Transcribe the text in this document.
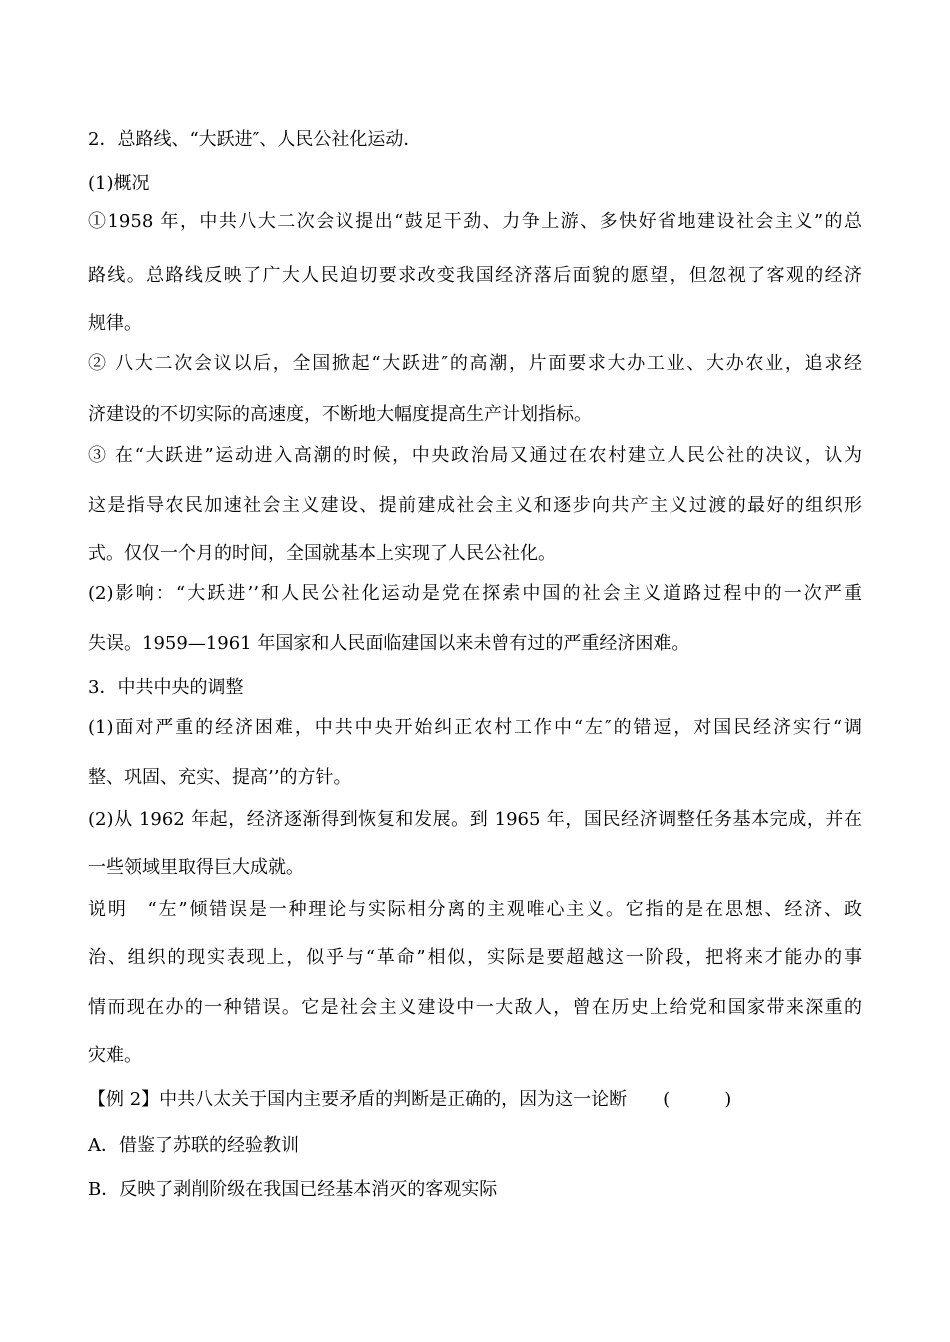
2．总路线、“大跃进″、人民公社化运动．
(1)概况
①1958 年，中共八大二次会议提出“鼓足干劲、力争上游、多快好省地建设社会主义”的总
路线。总路线反映了广大人民迫切要求改变我国经济落后面貌的愿望，但忽视了客观的经济
规律。
② 八大二次会议以后，全国掀起“大跃进″的高潮，片面要求大办工业、大办农业，追求经
济建设的不切实际的高速度，不断地大幅度提高生产计划指标。
③ 在“大跃进”运动进入高潮的时候，中央政治局又通过在农村建立人民公社的决议，认为
这是指导农民加速社会主义建设、提前建成社会主义和逐步向共产主义过渡的最好的组织形
式。仅仅一个月的时间，全国就基本上实现了人民公社化。
(2)影响：“大跃进’’和人民公社化运动是党在探索中国的社会主义道路过程中的一次严重
失误。1959—1961 年国家和人民面临建国以来未曾有过的严重经济困难。
3．中共中央的调整
(1)面对严重的经济困难，中共中央开始纠正农村工作中“左″的错逗，对国民经济实行“调
整、巩固、充实、提高’’的方针。
(2)从 1962 年起，经济逐渐得到恢复和发展。到 1965 年，国民经济调整任务基本完成，并在
一些领域里取得巨大成就。
说明　“左”倾错误是一种理论与实际相分离的主观唯心主义。它指的是在思想、经济、政
治、组织的现实表现上，似乎与“革命”相似，实际是要超越这一阶段，把将来才能办的事
情而现在办的一种错误。它是社会主义建设中一大敌人，曾在历史上给党和国家带来深重的
灾难。
【例 2】中共八太关于国内主要矛盾的判断是正确的，因为这一论断　　(　　　)
A．借鉴了苏联的经验教训
B．反映了剥削阶级在我国已经基本消灭的客观实际
